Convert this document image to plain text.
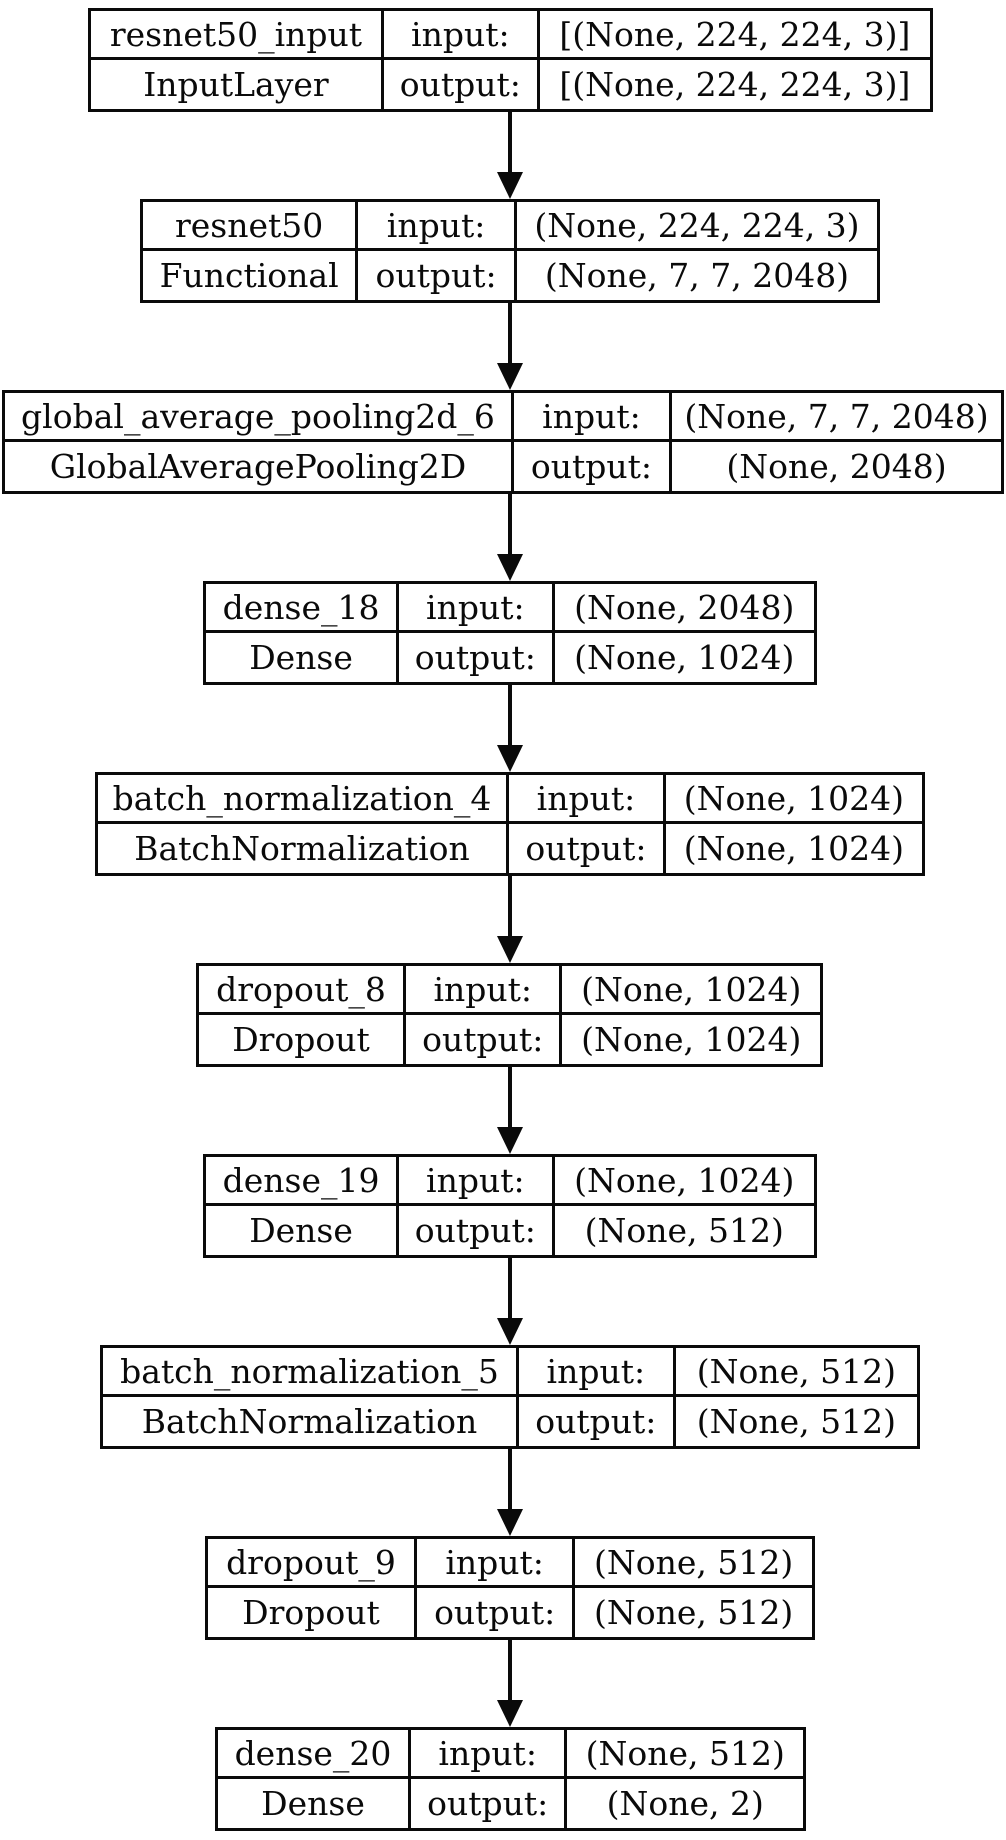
resnet50_input	input:	[(None, 224, 224, 3)]
InputLayer	output:	[(None, 224, 224, 3)]
resnet50	input:	(None, 224, 224, 3)
Functional	output:	(None, 7, 7, 2048)
global_average_pooling2d_6	input:	(None, 7, 7, 2048)
GlobalAveragePooling2D	output:	(None, 2048)
dense_18	input:	(None, 2048)
Dense	output:	(None, 1024)
batch_normalization_4	input:	(None, 1024)
BatchNormalization	output:	(None, 1024)
dropout_8	input:	(None, 1024)
Dropout	output:	(None, 1024)
dense_19	input:	(None, 1024)
Dense	output:	(None, 512)
batch_normalization_5	input:	(None, 512)
BatchNormalization	output:	(None, 512)
dropout_9	input:	(None, 512)
Dropout	output:	(None, 512)
dense_20	input:	(None, 512)
Dense	output:	(None, 2)
